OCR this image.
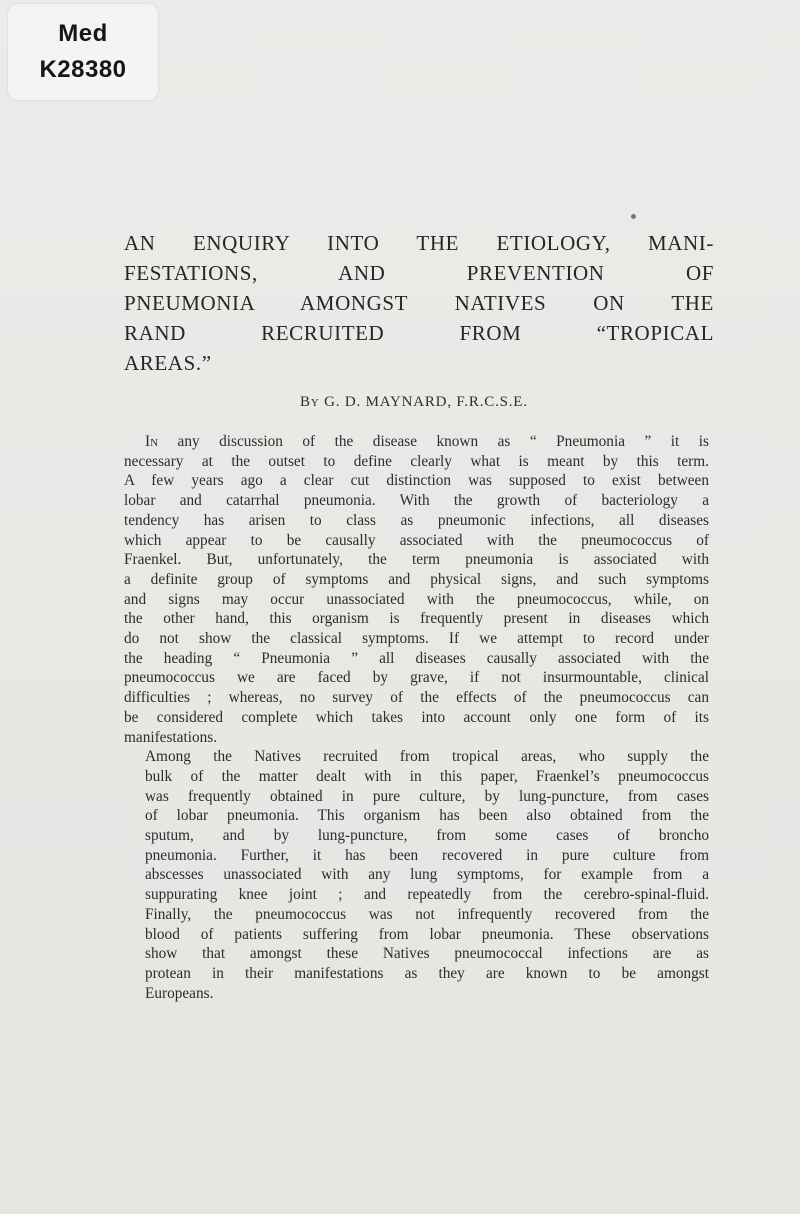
Med
K28380
AN ENQUIRY INTO THE ETIOLOGY, MANI-
FESTATIONS, AND PREVENTION OF
PNEUMONIA AMONGST NATIVES ON THE
RAND RECRUITED FROM “TROPICAL
AREAS.”
By G. D. MAYNARD, F.R.C.S.E.

In any discussion of the disease known as “ Pneumonia ” it is
necessary at the outset to define clearly what is meant by this term.
A few years ago a clear cut distinction was supposed to exist between
lobar and catarrhal pneumonia. With the growth of bacteriology a
tendency has arisen to class as pneumonic infections, all diseases
which appear to be causally associated with the pneumococcus of
Fraenkel. But, unfortunately, the term pneumonia is associated with
a definite group of symptoms and physical signs, and such symptoms
and signs may occur unassociated with the pneumococcus, while, on
the other hand, this organism is frequently present in diseases which
do not show the classical symptoms. If we attempt to record under
the heading “ Pneumonia ” all diseases causally associated with the
pneumococcus we are faced by grave, if not insurmountable, clinical
difficulties ; whereas, no survey of the effects of the pneumococcus can
be considered complete which takes into account only one form of its
manifestations.

Among the Natives recruited from tropical areas, who supply the
bulk of the matter dealt with in this paper, Fraenkel’s pneumococcus
was frequently obtained in pure culture, by lung-puncture, from cases
of lobar pneumonia. This organism has been also obtained from the
sputum, and by lung-puncture, from some cases of broncho
pneumonia. Further, it has been recovered in pure culture from
abscesses unassociated with any lung symptoms, for example from a
suppurating knee joint ; and repeatedly from the cerebro-spinal-fluid.
Finally, the pneumococcus was not infrequently recovered from the
blood of patients suffering from lobar pneumonia. These observations
show that amongst these Natives pneumococcal infections are as
protean in their manifestations as they are known to be amongst
Europeans.
